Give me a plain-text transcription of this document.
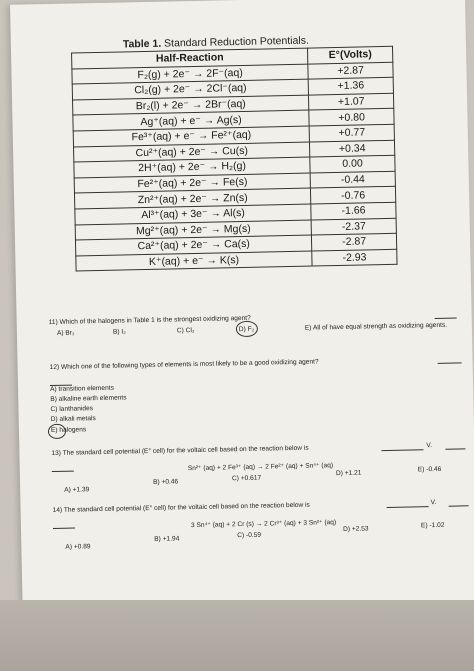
Table 1. Standard Reduction Potentials.
Half-Reaction	E°(Volts)
F₂(g) + 2e⁻ → 2F⁻(aq)	+2.87
Cl₂(g) + 2e⁻ → 2Cl⁻(aq)	+1.36
Br₂(l) + 2e⁻ → 2Br⁻(aq)	+1.07
Ag⁺(aq) + e⁻ → Ag(s)	+0.80
Fe³⁺(aq) + e⁻ → Fe²⁺(aq)	+0.77
Cu²⁺(aq) + 2e⁻ → Cu(s)	+0.34
2H⁺(aq) + 2e⁻ → H₂(g)	0.00
Fe²⁺(aq) + 2e⁻ → Fe(s)	-0.44
Zn²⁺(aq) + 2e⁻ → Zn(s)	-0.76
Al³⁺(aq) + 3e⁻ → Al(s)	-1.66
Mg²⁺(aq) + 2e⁻ → Mg(s)	-2.37
Ca²⁺(aq) + 2e⁻ → Ca(s)	-2.87
K⁺(aq) + e⁻ → K(s)	-2.93
11) Which of the halogens in Table 1 is the strongest oxidizing agent?
A) Br₂	B) I₂	C) Cl₂	D) F₂	E) All of have equal strength as oxidizing agents.
12) Which one of the following types of elements is most likely to be a good oxidizing agent?
A) transition elements
B) alkaline earth elements
C) lanthanides
D) alkali metals
E) halogens
13) The standard cell potential (E° cell) for the voltaic cell based on the reaction below is	V.
Sn²⁺ (aq) + 2 Fe³⁺ (aq) → 2 Fe²⁺ (aq) + Sn⁴⁺ (aq)
A) +1.39
B) +0.46	C) +0.617
D) +1.21	E) -0.46
14) The standard cell potential (E° cell) for the voltaic cell based on the reaction below is	V.
3 Sn⁴⁺ (aq) + 2 Cr (s) → 2 Cr³⁺ (aq) + 3 Sn²⁺ (aq)
A) +0.89
B) +1.94	C) -0.59
D) +2.53	E) -1.02
